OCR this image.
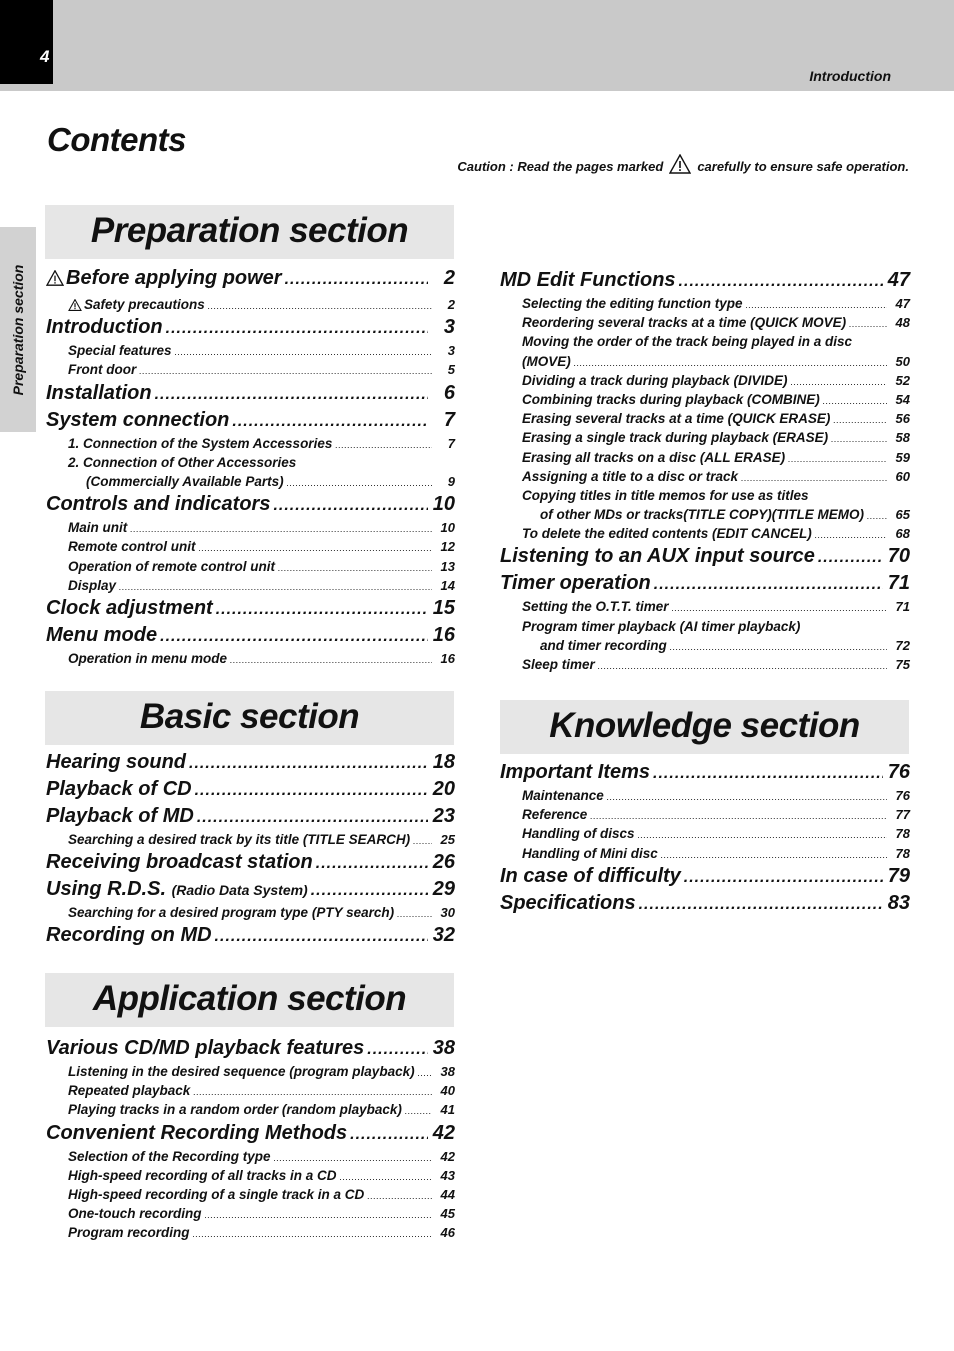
4
Introduction
Preparation section
Contents
Caution : Read the pages marked	carefully to ensure safe operation.
Preparation section
Before applying power .....	2
Safety precautions .....	2
Introduction .....	3
Special features .....	3
Front door .....	5
Installation .....	6
System connection .....	7
1. Connection of the System Accessories .....	7
2. Connection of Other Accessories
(Commercially Available Parts) .....	9
Controls and indicators .....	10
Main unit .....	10
Remote control unit .....	12
Operation of remote control unit .....	13
Display .....	14
Clock adjustment .....	15
Menu mode .....	16
Operation in menu mode .....	16
Basic section
Hearing sound .....	18
Playback of CD .....	20
Playback of MD .....	23
Searching a desired track by its title (TITLE SEARCH) .....	25
Receiving broadcast station .....	26
Using R.D.S. (Radio Data System) .....	29
Searching for a desired program type (PTY search) .....	30
Recording on MD .....	32
Application section
Various CD/MD playback features .....	38
Listening in the desired sequence (program playback) .....	38
Repeated playback .....	40
Playing tracks in a random order (random playback) .....	41
Convenient Recording Methods .....	42
Selection of the Recording type .....	42
High-speed recording of all tracks in a CD .....	43
High-speed recording of a single track in a CD .....	44
One-touch recording .....	45
Program recording .....	46
MD Edit Functions .....	47
Selecting the editing function type .....	47
Reordering several tracks at a time (QUICK MOVE) .....	48
Moving the order of the track being played in a disc
(MOVE) .....	50
Dividing a track during playback (DIVIDE) .....	52
Combining tracks during playback (COMBINE) .....	54
Erasing several tracks at a time (QUICK ERASE) .....	56
Erasing a single track during playback (ERASE) .....	58
Erasing all tracks on a disc (ALL ERASE) .....	59
Assigning a title to a disc or track .....	60
Copying titles in title memos for use as titles
of other MDs or tracks(TITLE COPY)(TITLE MEMO) .....	65
To delete the edited contents (EDIT CANCEL) .....	68
Listening to an AUX input source .....	70
Timer operation .....	71
Setting the O.T.T. timer .....	71
Program timer playback (AI timer playback)
and timer recording .....	72
Sleep timer .....	75
Knowledge section
Important Items .....	76
Maintenance .....	76
Reference .....	77
Handling of discs .....	78
Handling of Mini disc .....	78
In case of difficulty .....	79
Specifications .....	83
